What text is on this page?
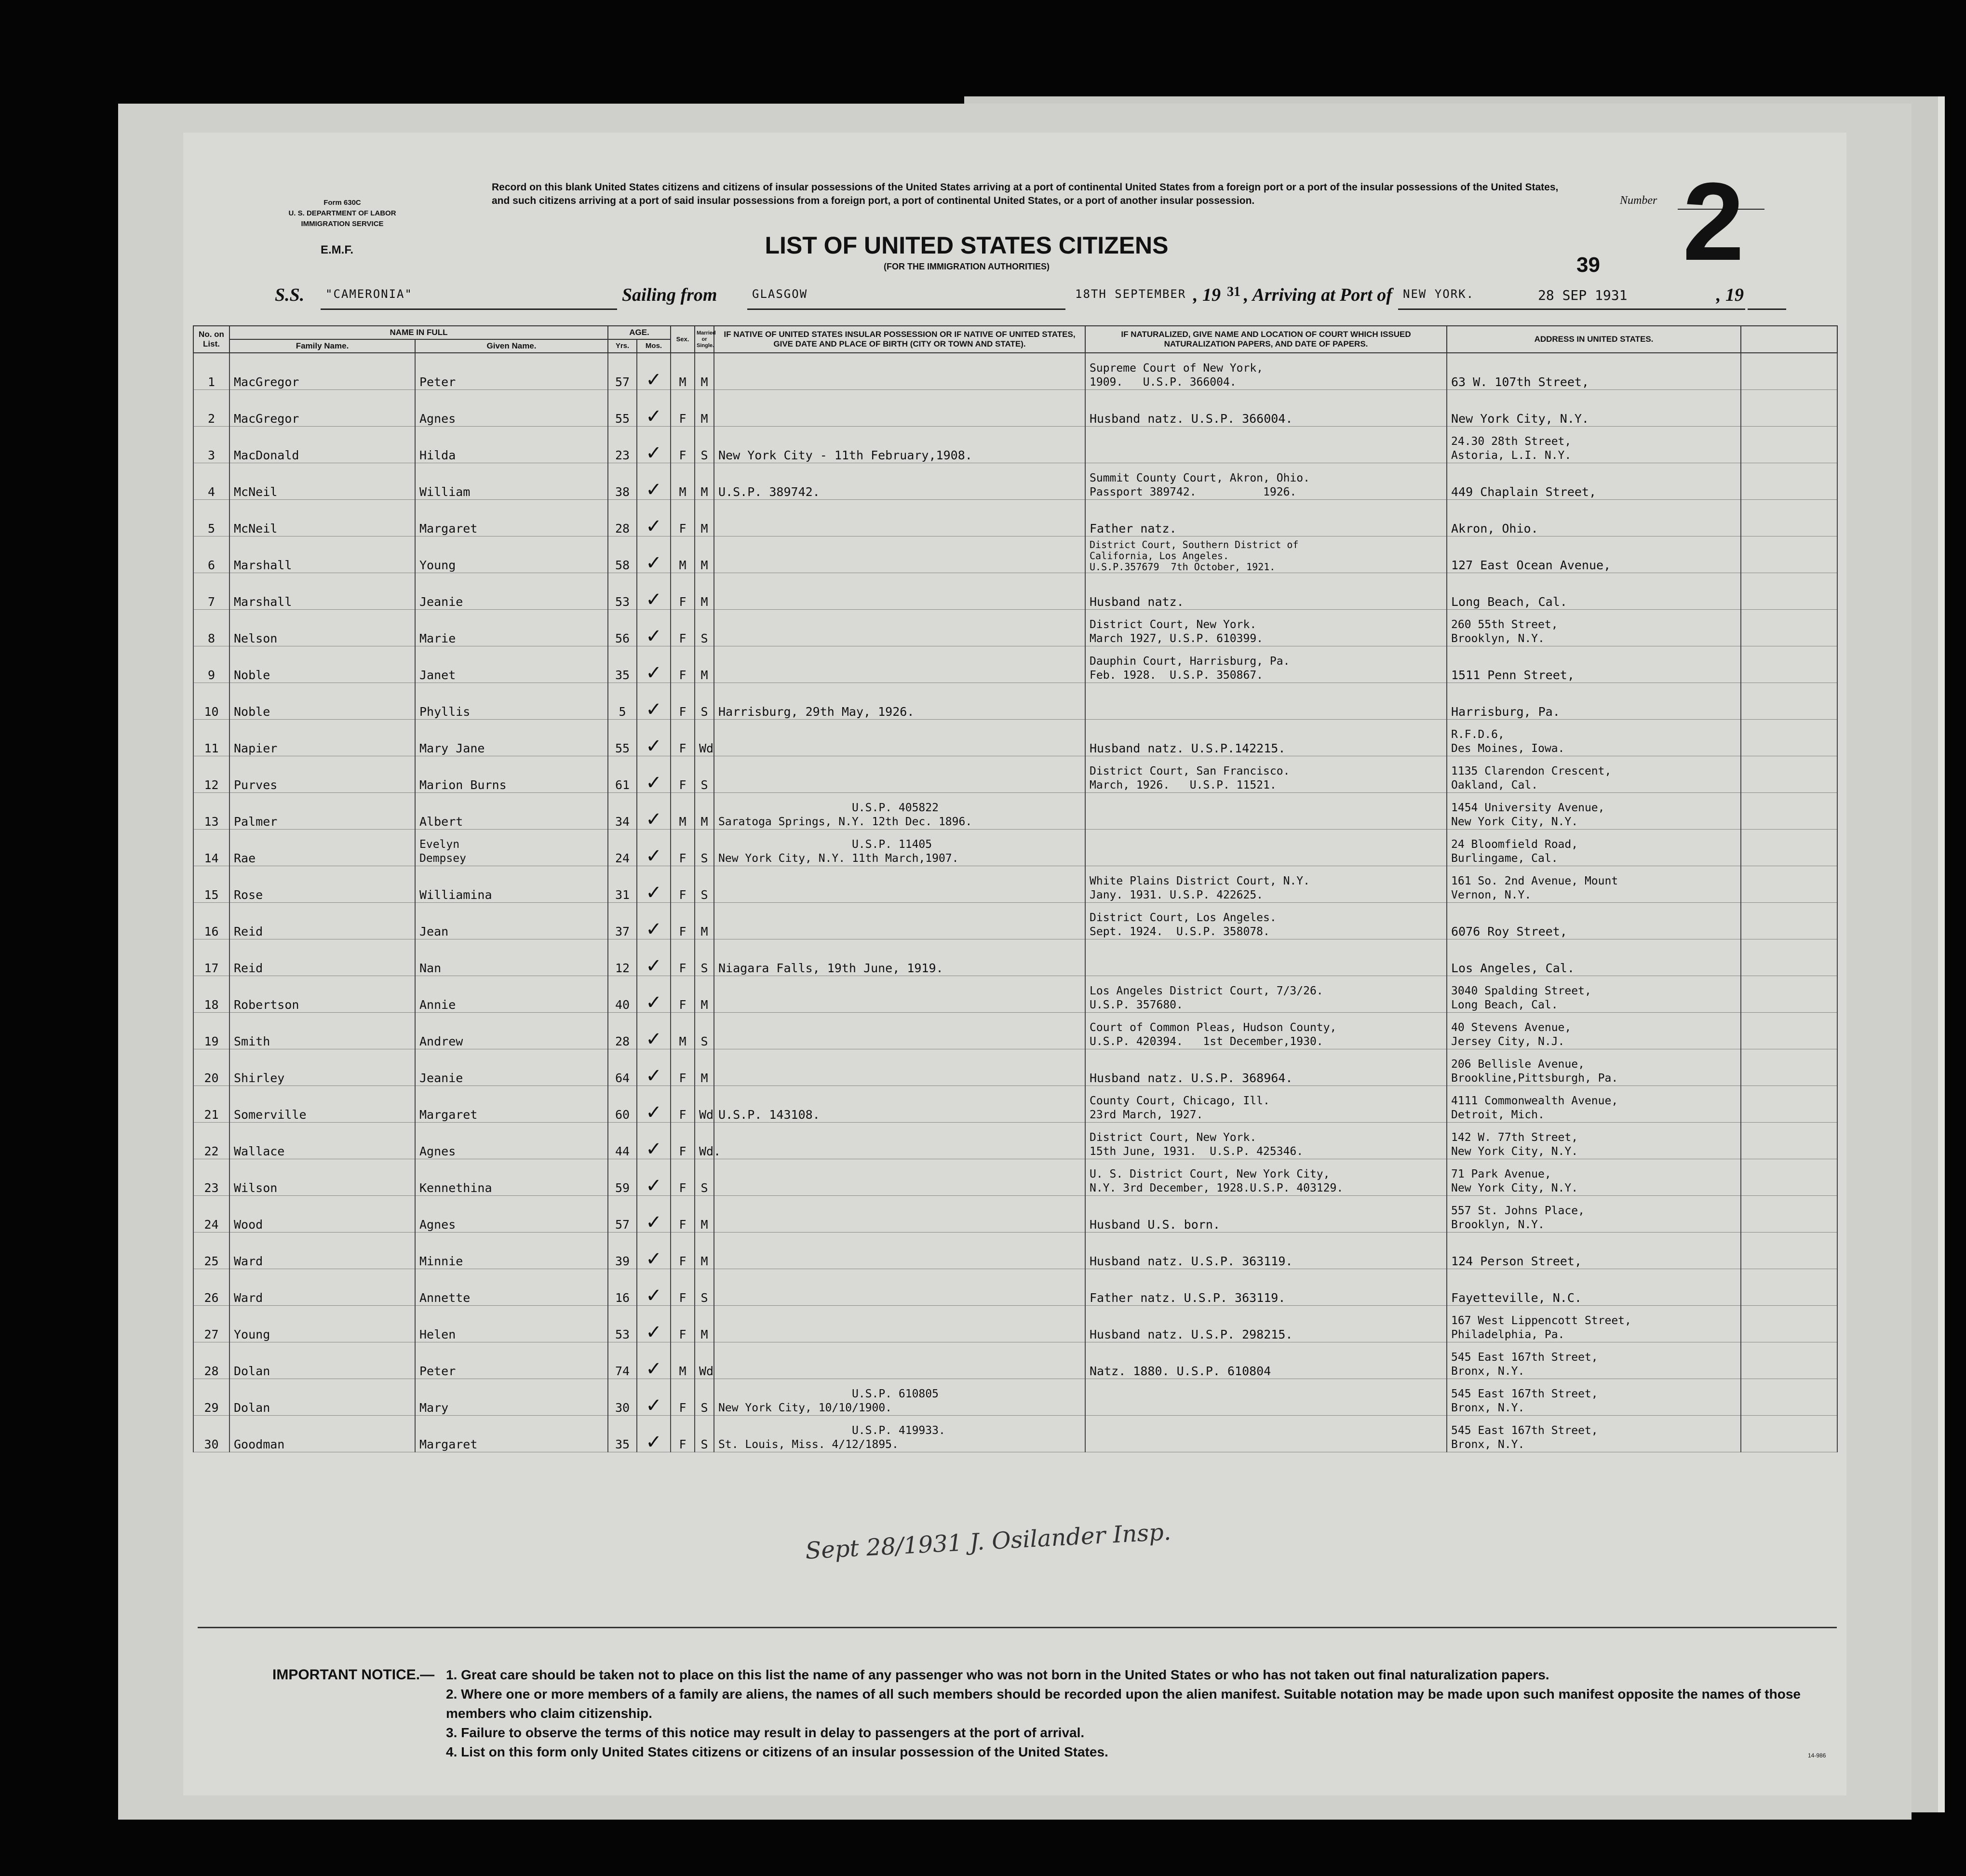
Form 630C
U. S. DEPARTMENT OF LABOR
IMMIGRATION SERVICE
E.M.F.
Record on this blank United States citizens and citizens of insular possessions of the United States arriving at a port of continental United States from a foreign port or a port of the insular possessions of the United States, and such citizens arriving at a port of said insular possessions from a foreign port, a port of continental United States, or a port of another insular possession.	Number 2
LIST OF UNITED STATES CITIZENS
(FOR THE IMMIGRATION AUTHORITIES)	39
S.S. "CAMERONIA"	Sailing from	GLASGOW	18TH SEPTEMBER , 19 31 , Arriving at Port of NEW YORK.	28 SEP 1931	, 19
No. on List.	NAME IN FULL		AGE.		Sex.	Married or Single.	IF NATIVE OF UNITED STATES INSULAR POSSESSION OR IF NATIVE OF UNITED STATES, GIVE DATE AND PLACE OF BIRTH (CITY OR TOWN AND STATE).	IF NATURALIZED, GIVE NAME AND LOCATION OF COURT WHICH ISSUED NATURALIZATION PAPERS, AND DATE OF PAPERS.	ADDRESS IN UNITED STATES.	
	Family Name.	Given Name.	Yrs.	Mos.						
1	MacGregor	Peter	57	✓	M	M		Supreme Court of New York,
1909.   U.S.P. 366004.	63 W. 107th Street,	
2	MacGregor	Agnes	55	✓	F	M		Husband natz. U.S.P. 366004.	New York City, N.Y.	
3	MacDonald	Hilda	23	✓	F	S	New York City - 11th February,1908.		24.30 28th Street,
Astoria, L.I. N.Y.	
4	McNeil	William	38	✓	M	M	U.S.P. 389742.	Summit County Court, Akron, Ohio.
Passport 389742.          1926.	449 Chaplain Street,	
5	McNeil	Margaret	28	✓	F	M		Father natz.	Akron, Ohio.	
6	Marshall	Young	58	✓	M	M		District Court, Southern District of
California, Los Angeles.
U.S.P.357679  7th October, 1921.	127 East Ocean Avenue,	
7	Marshall	Jeanie	53	✓	F	M		Husband natz.	Long Beach, Cal.	
8	Nelson	Marie	56	✓	F	S		District Court, New York.
March 1927, U.S.P. 610399.	260 55th Street,
Brooklyn, N.Y.	
9	Noble	Janet	35	✓	F	M		Dauphin Court, Harrisburg, Pa.
Feb. 1928.  U.S.P. 350867.	1511 Penn Street,	
10	Noble	Phyllis	5	✓	F	S	Harrisburg, 29th May, 1926.		Harrisburg, Pa.	
11	Napier	Mary Jane	55	✓	F	Wd		Husband natz. U.S.P.142215.	R.F.D.6,
Des Moines, Iowa.	
12	Purves	Marion Burns	61	✓	F	S		District Court, San Francisco.
March, 1926.   U.S.P. 11521.	1135 Clarendon Crescent,
Oakland, Cal.	
13	Palmer	Albert	34	✓	M	M	U.S.P. 405822
Saratoga Springs, N.Y. 12th Dec. 1896.		1454 University Avenue,
New York City, N.Y.	
14	Rae	Evelyn
Dempsey	24	✓	F	S	U.S.P. 11405
New York City, N.Y. 11th March,1907.		24 Bloomfield Road,
Burlingame, Cal.	
15	Rose	Williamina	31	✓	F	S		White Plains District Court, N.Y.
Jany. 1931. U.S.P. 422625.	161 So. 2nd Avenue, Mount
Vernon, N.Y.	
16	Reid	Jean	37	✓	F	M		District Court, Los Angeles.
Sept. 1924.  U.S.P. 358078.	6076 Roy Street,	
17	Reid	Nan	12	✓	F	S	Niagara Falls, 19th June, 1919.		Los Angeles, Cal.	
18	Robertson	Annie	40	✓	F	M		Los Angeles District Court, 7/3/26.
U.S.P. 357680.	3040 Spalding Street,
Long Beach, Cal.	
19	Smith	Andrew	28	✓	M	S		Court of Common Pleas, Hudson County,
U.S.P. 420394.   1st December,1930.	40 Stevens Avenue,
Jersey City, N.J.	
20	Shirley	Jeanie	64	✓	F	M		Husband natz. U.S.P. 368964.	206 Bellisle Avenue,
Brookline,Pittsburgh, Pa.	
21	Somerville	Margaret	60	✓	F	Wd	U.S.P. 143108.	County Court, Chicago, Ill.
23rd March, 1927.	4111 Commonwealth Avenue,
Detroit, Mich.	
22	Wallace	Agnes	44	✓	F	Wd.		District Court, New York.
15th June, 1931.  U.S.P. 425346.	142 W. 77th Street,
New York City, N.Y.	
23	Wilson	Kennethina	59	✓	F	S		U. S. District Court, New York City,
N.Y. 3rd December, 1928.U.S.P. 403129.	71 Park Avenue,
New York City, N.Y.	
24	Wood	Agnes	57	✓	F	M		Husband U.S. born.	557 St. Johns Place,
Brooklyn, N.Y.	
25	Ward	Minnie	39	✓	F	M		Husband natz. U.S.P. 363119.	124 Person Street,	
26	Ward	Annette	16	✓	F	S		Father natz. U.S.P. 363119.	Fayetteville, N.C.	
27	Young	Helen	53	✓	F	M		Husband natz. U.S.P. 298215.	167 West Lippencott Street,
Philadelphia, Pa.	
28	Dolan	Peter	74	✓	M	Wd		Natz. 1880. U.S.P. 610804	545 East 167th Street,
Bronx, N.Y.	
29	Dolan	Mary	30	✓	F	S	U.S.P. 610805
New York City, 10/10/1900.		545 East 167th Street,
Bronx, N.Y.	
30	Goodman	Margaret	35	✓	F	S	U.S.P. 419933.
St. Louis, Miss. 4/12/1895.		545 East 167th Street,
Bronx, N.Y.	
Sept 28/1931 J. Osilander Insp.
IMPORTANT NOTICE.— 1. Great care should be taken not to place on this list the name of any passenger who was not born in the United States or who has not taken out final naturalization papers.
2. Where one or more members of a family are aliens, the names of all such members should be recorded upon the alien manifest. Suitable notation may be made upon such manifest opposite the names of those members who claim citizenship.
3. Failure to observe the terms of this notice may result in delay to passengers at the port of arrival.
4. List on this form only United States citizens or citizens of an insular possession of the United States.	14-986
